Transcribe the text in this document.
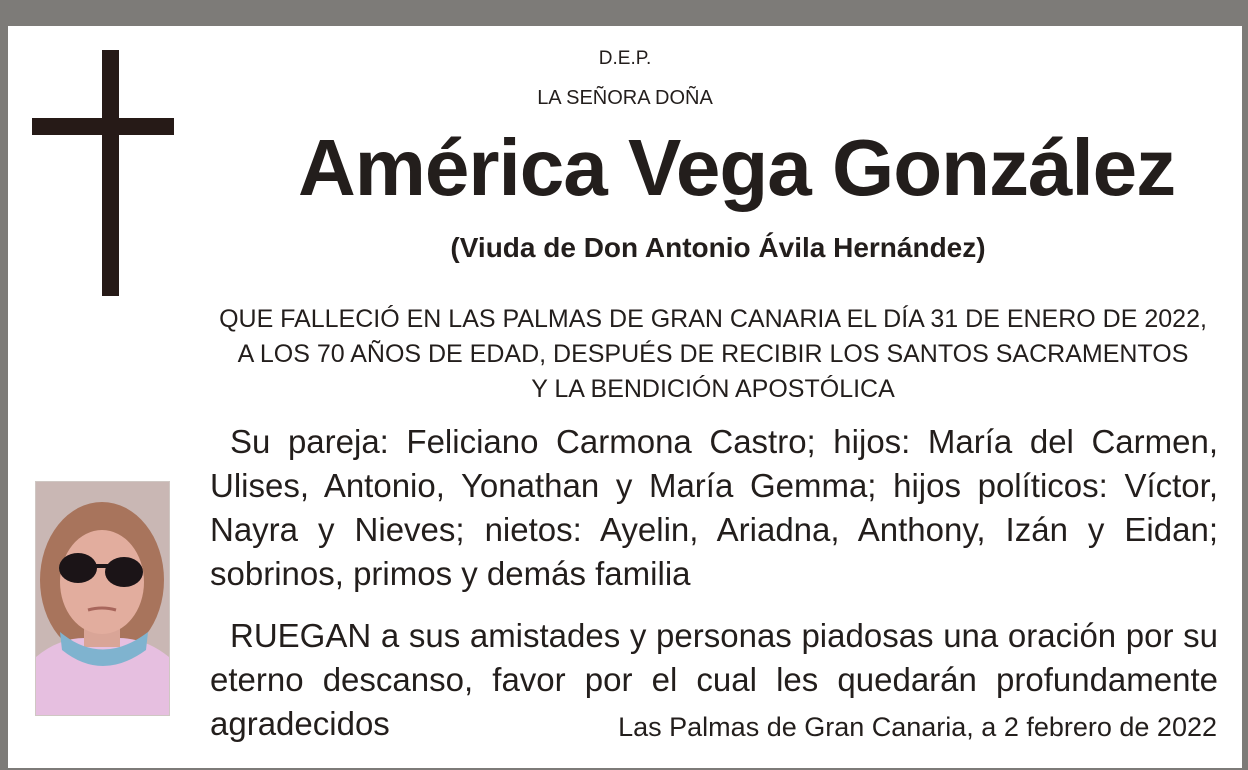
D.E.P.
LA SEÑORA DOÑA
América Vega González
(Viuda de Don Antonio Ávila Hernández)
QUE FALLECIÓ EN LAS PALMAS DE GRAN CANARIA EL DÍA 31 DE ENERO DE 2022,
A LOS 70 AÑOS DE EDAD, DESPUÉS DE RECIBIR LOS SANTOS SACRAMENTOS
Y LA BENDICIÓN APOSTÓLICA
Su pareja: Feliciano Carmona Castro; hijos: María del Carmen, Ulises, Antonio, Yonathan y María Gemma; hijos políticos: Víctor, Nayra y Nieves; nietos: Ayelin, Ariadna, Anthony, Izán y Eidan; sobrinos, primos y demás familia
RUEGAN a sus amistades y personas piadosas una oración por su eterno descanso, favor por el cual les quedarán profundamente agradecidos	Las Palmas de Gran Canaria, a 2 febrero de 2022
